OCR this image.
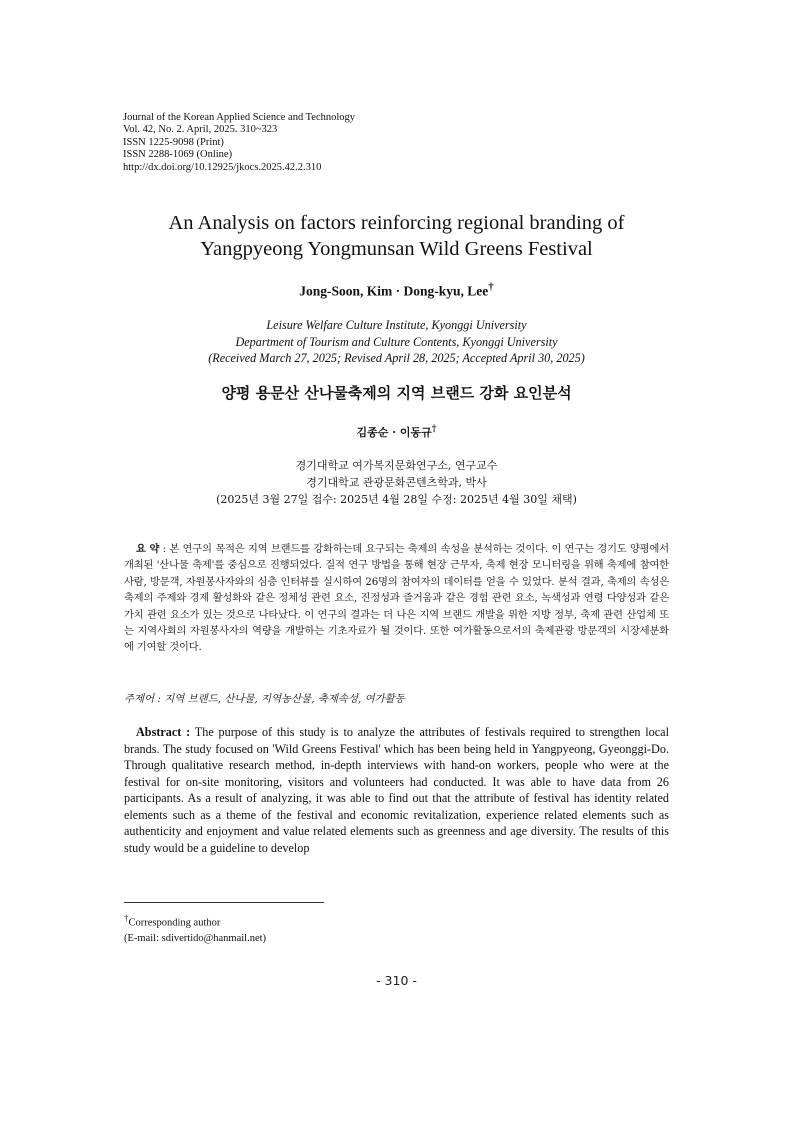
Journal of the Korean Applied Science and Technology
Vol. 42, No. 2. April, 2025. 310~323
ISSN 1225-9098 (Print)
ISSN 2288-1069 (Online)
http://dx.doi.org/10.12925/jkocs.2025.42.2.310
An Analysis on factors reinforcing regional branding of
Yangpyeong Yongmunsan Wild Greens Festival
Jong-Soon, Kim · Dong-kyu, Lee†
Leisure Welfare Culture Institute, Kyonggi University
Department of Tourism and Culture Contents, Kyonggi University
(Received March 27, 2025; Revised April 28, 2025; Accepted April 30, 2025)
양평 용문산 산나물축제의 지역 브랜드 강화 요인분석
김종순 · 이동규†
경기대학교 여가복지문화연구소, 연구교수
경기대학교 관광문화콘텐츠학과, 박사
(2025년 3월 27일 접수: 2025년 4월 28일 수정: 2025년 4월 30일 채택)
요 약 : 본 연구의 목적은 지역 브랜드를 강화하는데 요구되는 축제의 속성을 분석하는 것이다. 이 연구는 경기도 양평에서 개최된 '산나물 축제'를 중심으로 진행되었다. 질적 연구 방법을 통해 현장 근무자, 축제 현장 모니터링을 위해 축제에 참여한 사람, 방문객, 자원봉사자와의 심층 인터뷰를 실시하여 26명의 참여자의 데이터를 얻을 수 있었다. 분석 결과, 축제의 속성은 축제의 주제와 경제 활성화와 같은 정체성 관련 요소, 진정성과 즐거움과 같은 경험 관련 요소, 녹색성과 연령 다양성과 같은 가치 관련 요소가 있는 것으로 나타났다. 이 연구의 결과는 더 나은 지역 브랜드 개발을 위한 지방 정부, 축제 관련 산업체 또는 지역사회의 자원봉사자의 역량을 개발하는 기초자료가 될 것이다. 또한 여가활동으로서의 축제관광 방문객의 시장세분화에 기여할 것이다.
주제어 : 지역 브랜드, 산나물, 지역농산물, 축제속성, 여가활동
Abstract : The purpose of this study is to analyze the attributes of festivals required to strengthen local brands. The study focused on 'Wild Greens Festival' which has been being held in Yangpyeong, Gyeonggi-Do. Through qualitative research method, in-depth interviews with hand-on workers, people who were at the festival for on-site monitoring, visitors and volunteers had conducted. It was able to have data from 26 participants. As a result of analyzing, it was able to find out that the attribute of festival has identity related elements such as a theme of the festival and economic revitalization, experience related elements such as authenticity and enjoyment and value related elements such as greenness and age diversity. The results of this study would be a guideline to develop
†Corresponding author
(E-mail: sdivertido@hanmail.net)
- 310 -
